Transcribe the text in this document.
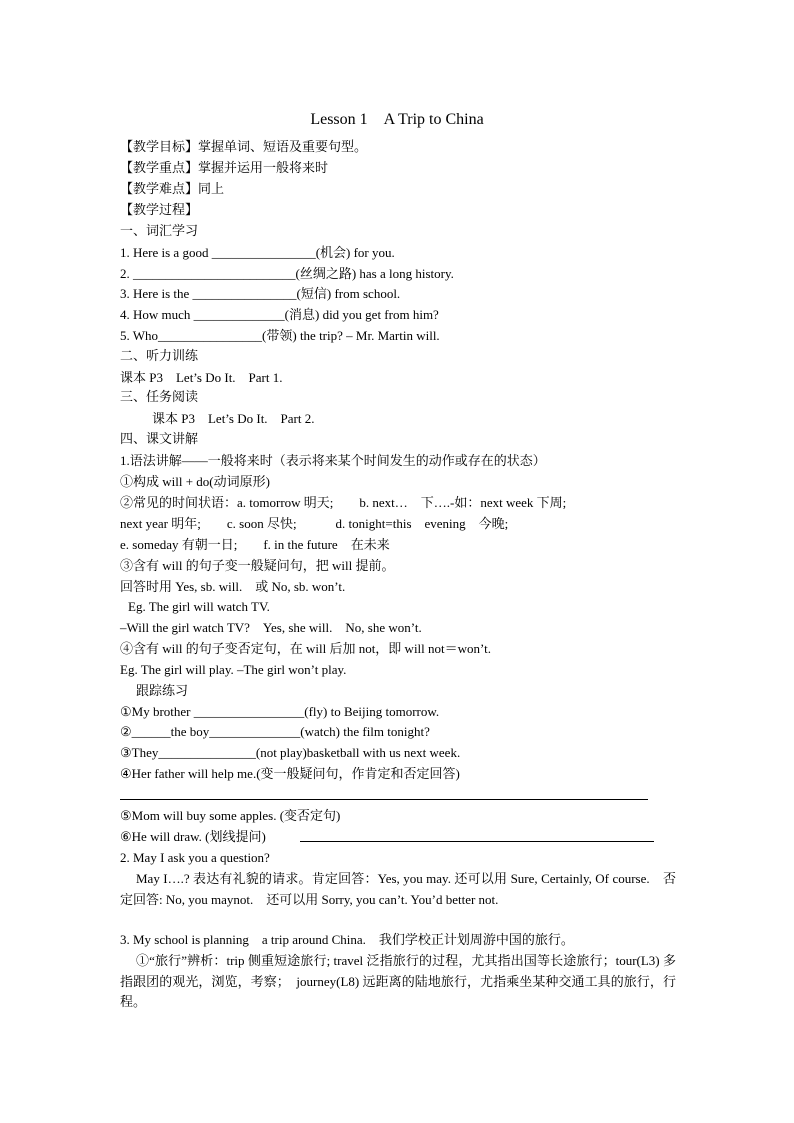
Lesson 1　A Trip to China
【教学目标】掌握单词、短语及重要句型。
【教学重点】掌握并运用一般将来时
【教学难点】同上
【教学过程】
一、词汇学习
1. Here is a good ________________(机会) for you.
2. _________________________(丝绸之路) has a long history.
3. Here is the ________________(短信) from school.
4. How much ______________(消息) did you get from him?
5. Who________________(带领) the trip? – Mr. Martin will.
二、听力训练
课本 P3　Let’s Do It.　Part 1.
三、任务阅读
课本 P3　Let’s Do It.　Part 2.
四、课文讲解
1.语法讲解——一般将来时（表示将来某个时间发生的动作或存在的状态）
①构成 will + do(动词原形)
②常见的时间状语：a. tomorrow 明天;　　b. next…　下….-如：next week 下周;
next year 明年;　　c. soon 尽快;　　　d. tonight=this　evening　今晚;
e. someday 有朝一日;　　f. in the future　在未来
③含有 will 的句子变一般疑问句，把 will 提前。
回答时用 Yes, sb. will.　或 No, sb. won’t.
Eg. The girl will watch TV.
–Will the girl watch TV?　Yes, she will.　No, she won’t.
④含有 will 的句子变否定句，在 will 后加 not，即 will not＝won’t.
Eg. The girl will play. –The girl won’t play.
跟踪练习
①My brother _________________(fly) to Beijing tomorrow.
②______the boy______________(watch) the film tonight?
③They_______________(not play)basketball with us next week.
④Her father will help me.(变一般疑问句，作肯定和否定回答)
⑤Mom will buy some apples. (变否定句)
⑥He will draw. (划线提问)
2. May I ask you a question?
May I….? 表达有礼貌的请求。肯定回答：Yes, you may. 还可以用 Sure, Certainly, Of course.　否定回答: No, you maynot.　还可以用 Sorry, you can’t. You’d better not.
3. My school is planning　a trip around China.　我们学校正计划周游中国的旅行。
①“旅行”辨析：trip 侧重短途旅行; travel 泛指旅行的过程，尤其指出国等长途旅行；tour(L3) 多指跟团的观光，浏览，考察；　journey(L8) 远距离的陆地旅行，尤指乘坐某种交通工具的旅行，行程。
